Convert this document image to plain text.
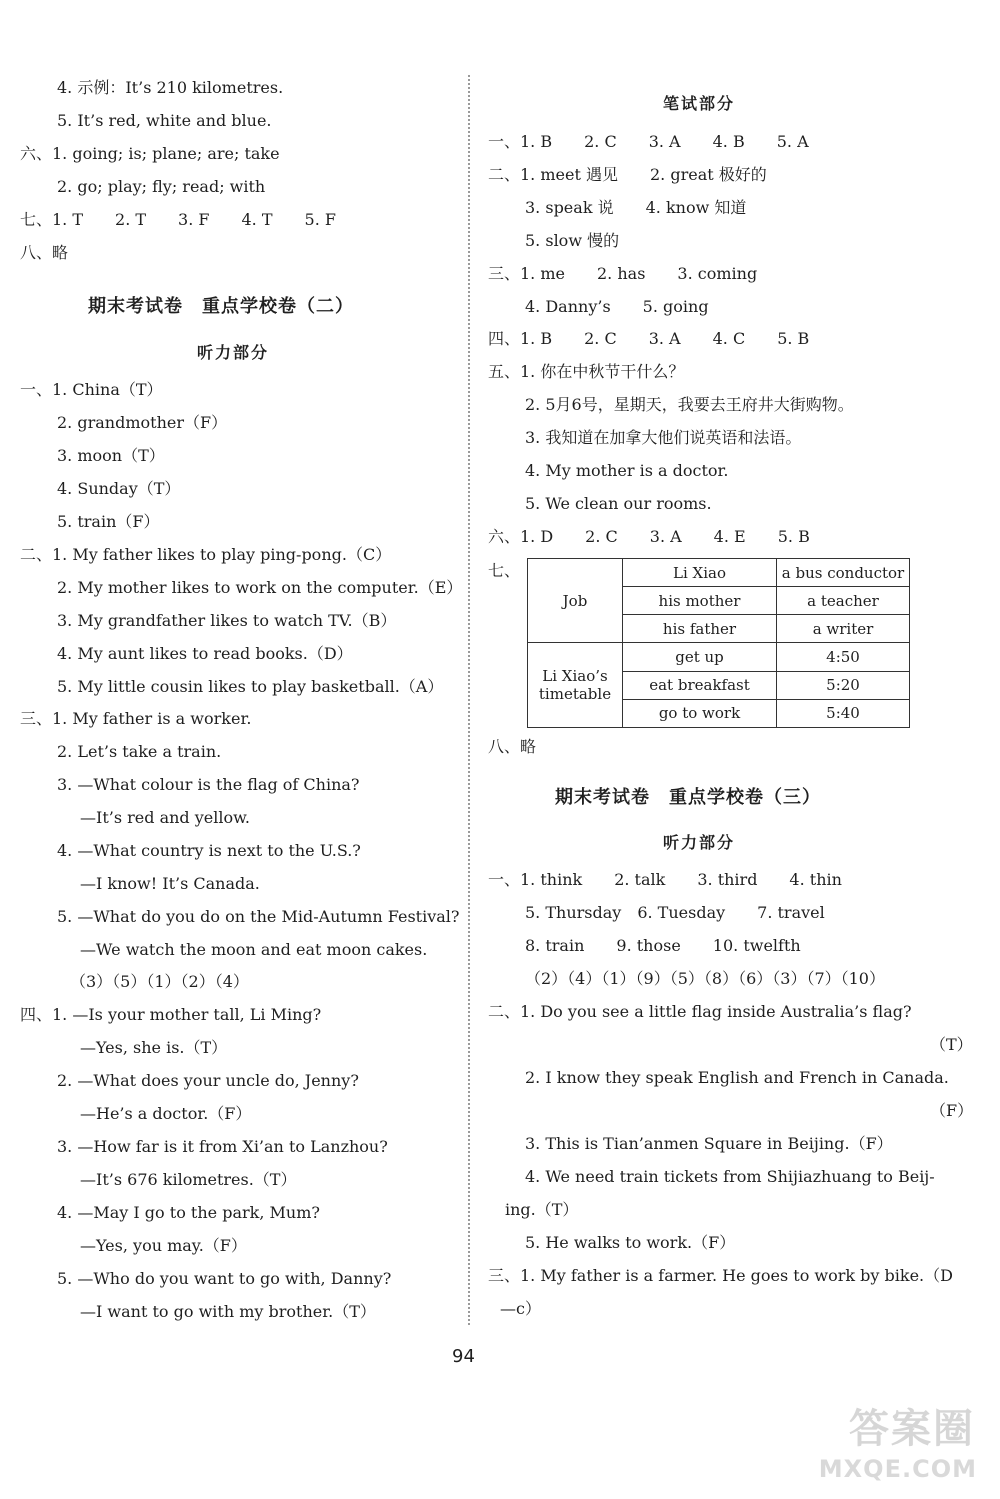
4. 示例：It’s 210 kilometres.
5. It’s red, white and blue.
六、1. going; is; plane; are; take
2. go; play; fly; read; with
七、1. T　　2. T　　3. F　　4. T　　5. F
八、略
期末考试卷　重点学校卷（二）
听力部分
一、1. China（T）
2. grandmother（F）
3. moon（T）
4. Sunday（T）
5. train（F）
二、1. My father likes to play ping-pong.（C）
2. My mother likes to work on the computer.（E）
3. My grandfather likes to watch TV.（B）
4. My aunt likes to read books.（D）
5. My little cousin likes to play basketball.（A）
三、1. My father is a worker.
2. Let’s take a train.
3. —What colour is the flag of China?
—It’s red and yellow.
4. —What country is next to the U.S.?
—I know! It’s Canada.
5. —What do you do on the Mid-Autumn Festival?
—We watch the moon and eat moon cakes.
（3）（5）（1）（2）（4）
四、1. —Is your mother tall, Li Ming?
—Yes, she is.（T）
2. —What does your uncle do, Jenny?
—He’s a doctor.（F）
3. —How far is it from Xi’an to Lanzhou?
—It’s 676 kilometres.（T）
4. —May I go to the park, Mum?
—Yes, you may.（F）
5. —Who do you want to go with, Danny?
—I want to go with my brother.（T）
笔试部分
一、1. B　　2. C　　3. A　　4. B　　5. A
二、1. meet 遇见　　2. great 极好的
3. speak 说　　4. know 知道
5. slow 慢的
三、1. me　　2. has　　3. coming
4. Danny’s　　5. going
四、1. B　　2. C　　3. A　　4. C　　5. B
五、1. 你在中秋节干什么？
2. 5月6号，星期天，我要去王府井大街购物。
3. 我知道在加拿大他们说英语和法语。
4. My mother is a doctor.
5. We clean our rooms.
六、1. D　　2. C　　3. A　　4. E　　5. B
七、
Job	Li Xiao	a bus conductor
	his mother	a teacher
	his father	a writer
Li Xiao’s
timetable	get up	4:50
	eat breakfast	5:20
	go to work	5:40
八、略
期末考试卷　重点学校卷（三）
听力部分
一、1. think　　2. talk　　3. third　　4. thin
5. Thursday　6. Tuesday　　7. travel
8. train　　9. those　　10. twelfth
（2）（4）（1）（9）（5）（8）（6）（3）（7）（10）
二、1. Do you see a little flag inside Australia’s flag?
（T）
2. I know they speak English and French in Canada.
（F）
3. This is Tian’anmen Square in Beijing.（F）
4. We need train tickets from Shijiazhuang to Beij-
ing.（T）
5. He walks to work.（F）
三、1. My father is a farmer. He goes to work by bike.（D
—c）
94
答案圈
MXQE.COM
